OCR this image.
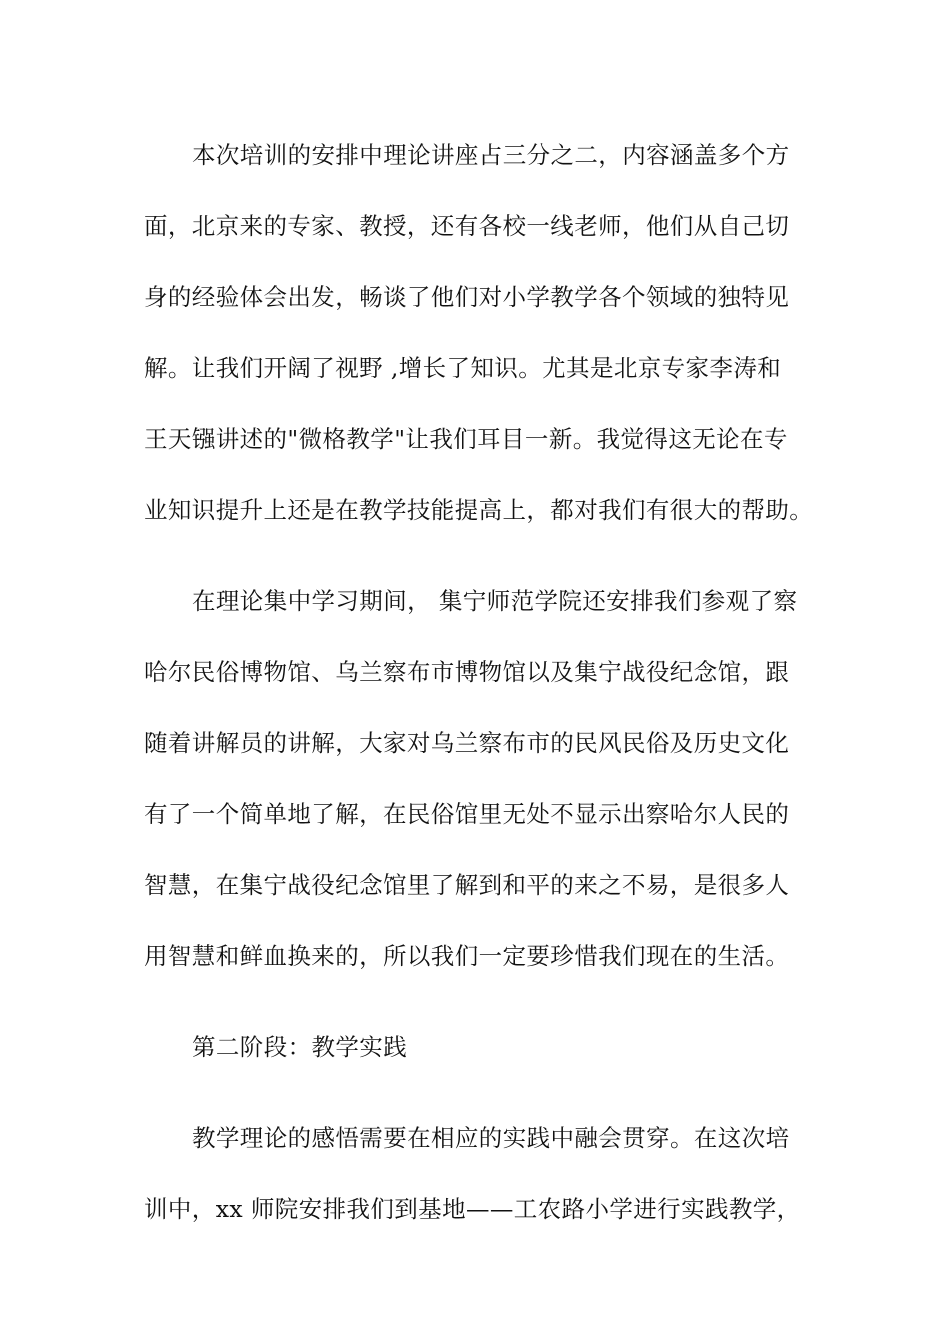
本次培训的安排中理论讲座占三分之二，内容涵盖多个方
面，北京来的专家、教授，还有各校一线老师，他们从自己切
身的经验体会出发，畅谈了他们对小学教学各个领域的独特见
解。让我们开阔了视野 ,增长了知识。尤其是北京专家李涛和
王天镪讲述的"微格教学"让我们耳目一新。我觉得这无论在专
业知识提升上还是在教学技能提高上，都对我们有很大的帮助。
在理论集中学习期间， 集宁师范学院还安排我们参观了察
哈尔民俗博物馆、乌兰察布市博物馆以及集宁战役纪念馆，跟
随着讲解员的讲解，大家对乌兰察布市的民风民俗及历史文化
有了一个简单地了解，在民俗馆里无处不显示出察哈尔人民的
智慧，在集宁战役纪念馆里了解到和平的来之不易，是很多人
用智慧和鲜血换来的，所以我们一定要珍惜我们现在的生活。
第二阶段：教学实践
教学理论的感悟需要在相应的实践中融会贯穿。在这次培
训中，xx 师院安排我们到基地——工农路小学进行实践教学，
